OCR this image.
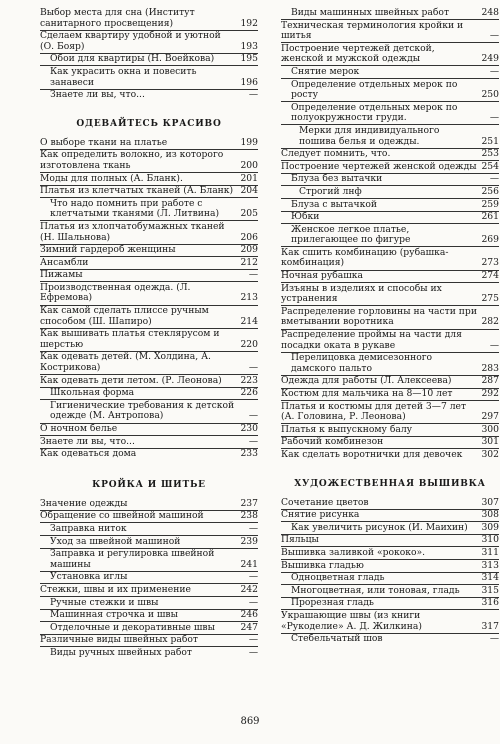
Выбор места для сна (Институт санитарного просвещения)	192
Сделаем квартиру удобной и уютной (О. Бояр)	193
Обои для квартиры (Н. Воейкова)	195
Как украсить окна и повесить занавеси	196
Знаете ли вы, что...	—
ОДЕВАЙТЕСЬ КРАСИВО
О выборе ткани на платье	199
Как определить волокно, из которого изготовлена ткань	200
Моды для полных (А. Бланк).	201
Платья из клетчатых тканей (А. Бланк) 204
Что надо помнить при работе с клетчатыми тканями (Л. Литвина)	205
Платья из хлопчатобумажных тканей (Н. Шальнова)	206
Зимний гардероб женщины	209
Ансамбли	212
Пижамы	—
Производственная одежда. (Л. Ефремова)	213
Как самой сделать плиссе ручным способом (Ш. Шапиро)	214
Как вышивать платья стеклярусом и шерстью	220
Как одевать детей. (М. Холдина, А. Кострикова)	—
Как одевать дети летом. (Р. Леонова)	223
Школьная форма	226
Гигиенические требования к детской одежде (М. Антропова)	—
О ночном белье	230
Знаете ли вы, что...	—
Как одеваться дома	233
КРОЙКА И ШИТЬЕ
Значение одежды	237
Обращение со швейной машиной	238
Заправка ниток	—
Уход за швейной машиной	239
Заправка и регулировка швейной машины	241
Установка иглы	—
Стежки, швы и их применение	242
Ручные стежки и швы	—
Машинная строчка и швы	246
Отделочные и декоративные швы	247
Различные виды швейных работ	—
Виды ручных швейных работ	—
Виды машинных швейных работ	248
Техническая терминология кройки и шитья	—
Построение чертежей детской, женской и мужской одежды	249
Снятие мерок	—
Определение отдельных мерок по росту	250
Определение отдельных мерок по полуокружности груди.	—
Мерки для индивидуального пошива белья и одежды.	251
Следует помнить, что.	253
Построение чертежей женской одежды 254
Блуза без вытачки	—
Строгий лнф	256
Блуза с вытачкой	259
Юбки	261
Женское легкое платье, прилегающее по фигуре	269
Как сшить комбинацию (рубашка-комбинация)	273
Ночная рубашка	274
Изъяны в изделиях и способы их устранения	275
Распределение горловины на части при вметывании воротника	282
Распределение проймы на части для посадки оката в рукаве	—
Перелицовка демисезонного дамского пальто	283
Одежда для работы (Л. Алексеева)	287
Костюм для мальчика на 8—10 лет	292
Платья и костюмы для детей 3—7 лет (А. Головина, Р. Леонова)	297
Платья к выпускному балу	300
Рабочий комбинезон	301
Как сделать воротнички для девочек	302
ХУДОЖЕСТВЕННАЯ ВЫШИВКА
Сочетание цветов	307
Снятие рисунка	308
Как увеличить рисунок (И. Маихин)	309
Пяльцы	310
Вышивка заливкой «рококо».	311
Вышивка гладью	313
Одноцветная гладь	314
Многоцветная, или тоновая, гладь	315
Прорезная гладь	316
Украшающие швы (из книги «Рукоделие» А. Д. Жилкина)	317
Стебельчатый шов	—
869
